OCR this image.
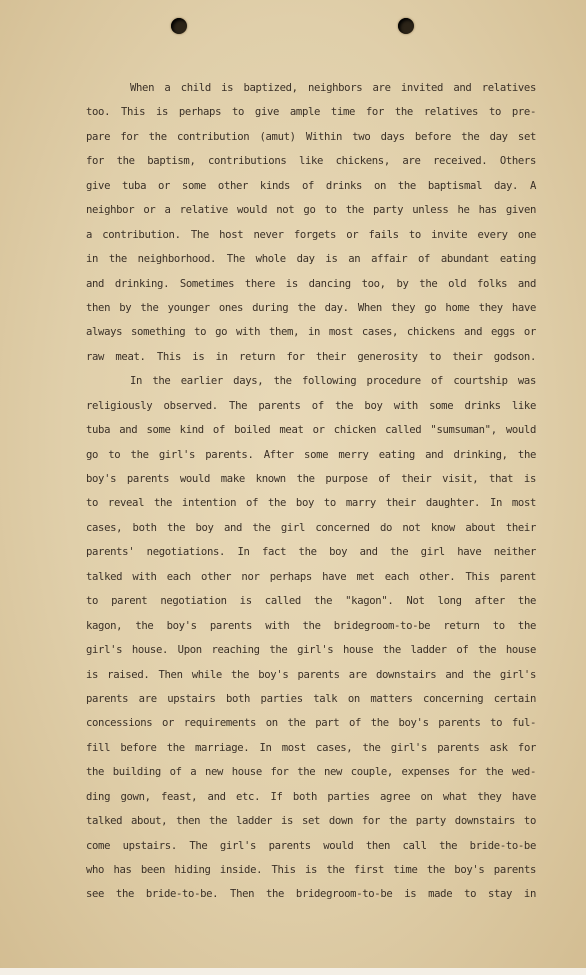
When a child is baptized, neighbors are invited and relatives
too. This is perhaps to give ample time for the relatives to pre-
pare for the contribution (amut) Within two days before the day set
for the baptism, contributions like chickens, are received. Others
give tuba or some other kinds of drinks on the baptismal day. A
neighbor or a relative would not go to the party unless he has given
a contribution. The host never forgets or fails to invite every one
in the neighborhood. The whole day is an affair of abundant eating
and drinking. Sometimes there is dancing too, by the old folks and
then by the younger ones during the day. When they go home they have
always something to go with them, in most cases, chickens and eggs or
raw meat. This is in return for their generosity to their godson.
In the earlier days, the following procedure of courtship was
religiously observed. The parents of the boy with some drinks like
tuba and some kind of boiled meat or chicken called "sumsuman", would
go to the girl's parents. After some merry eating and drinking, the
boy's parents would make known the purpose of their visit, that is
to reveal the intention of the boy to marry their daughter. In most
cases, both the boy and the girl concerned do not know about their
parents' negotiations. In fact the boy and the girl have neither
talked with each other nor perhaps have met each other. This parent
to parent negotiation is called the "kagon". Not long after the
kagon, the boy's parents with the bridegroom-to-be return to the
girl's house. Upon reaching the girl's house the ladder of the house
is raised. Then while the boy's parents are downstairs and the girl's
parents are upstairs both parties talk on matters concerning certain
concessions or requirements on the part of the boy's parents to ful-
fill before the marriage. In most cases, the girl's parents ask for
the building of a new house for the new couple, expenses for the wed-
ding gown, feast, and etc. If both parties agree on what they have
talked about, then the ladder is set down for the party downstairs to
come upstairs. The girl's parents would then call the bride-to-be
who has been hiding inside. This is the first time the boy's parents
see the bride-to-be. Then the bridegroom-to-be is made to stay in
